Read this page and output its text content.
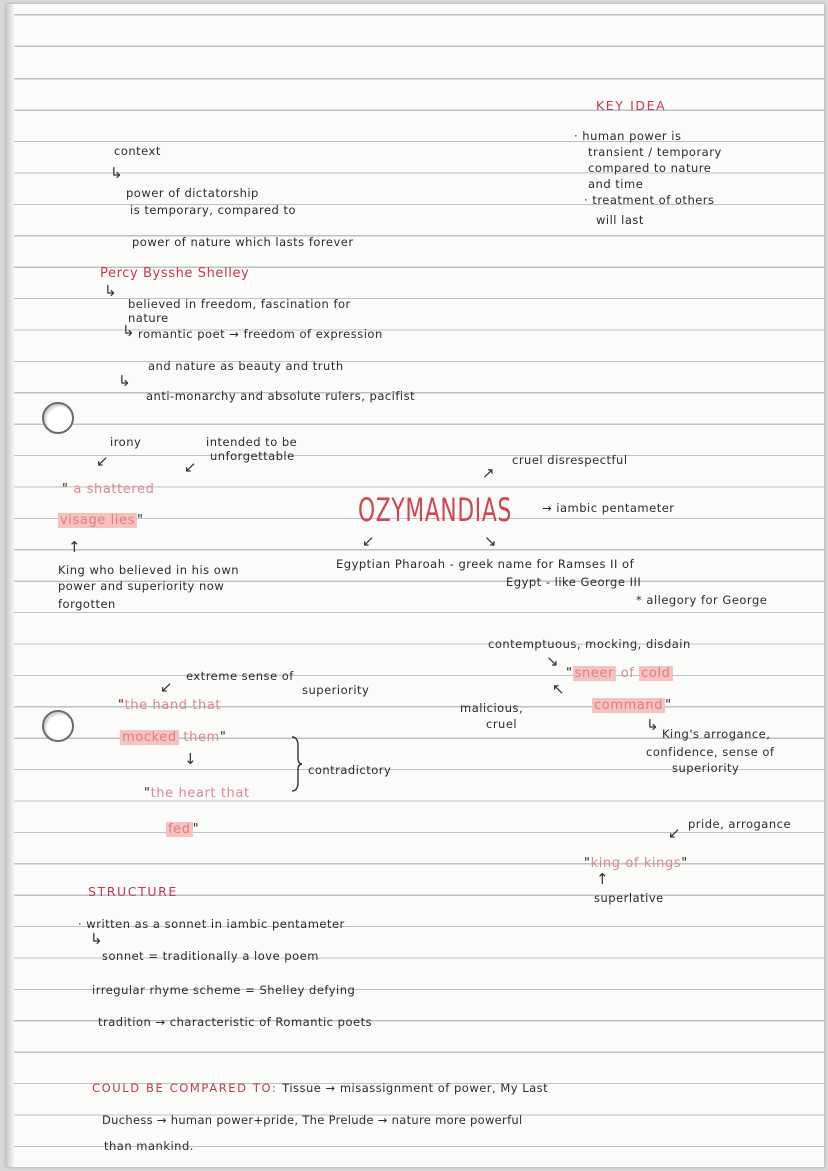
KEY IDEA
· human power is
transient / temporary
compared to nature
and time
· treatment of others
will last
context
↳
power of dictatorship
is temporary, compared to
power of nature which lasts forever
Percy Bysshe Shelley
↳
believed in freedom, fascination for
nature
↳ romantic poet → freedom of expression
and nature as beauty and truth
↳
anti-monarchy and absolute rulers, pacifist
irony	intended to be
unforgettable
↙	↙
" a shattered
visage lies "
↑
King who believed in his own
power and superiority now
forgotten
↗
cruel disrespectful
OZYMANDIAS	→ iambic pentameter
↙	↘
Egyptian Pharoah - greek name for Ramses II of
Egypt - like George III
* allegory for George
contemptuous, mocking, disdain
↘
" sneer of cold
command "
↖
malicious,
cruel	↳ King's arrogance,
confidence, sense of
superiority
↙ pride, arrogance
"king of kings"
↑
superlative
extreme sense of
superiority
↙
"the hand that
mocked them"
↓
contradictory
"the heart that
fed "
STRUCTURE
· written as a sonnet in iambic pentameter
↳
sonnet = traditionally a love poem
irregular rhyme scheme = Shelley defying
tradition → characteristic of Romantic poets
COULD BE COMPARED TO: Tissue → misassignment of power, My Last
Duchess → human power+pride, The Prelude → nature more powerful
than mankind.
